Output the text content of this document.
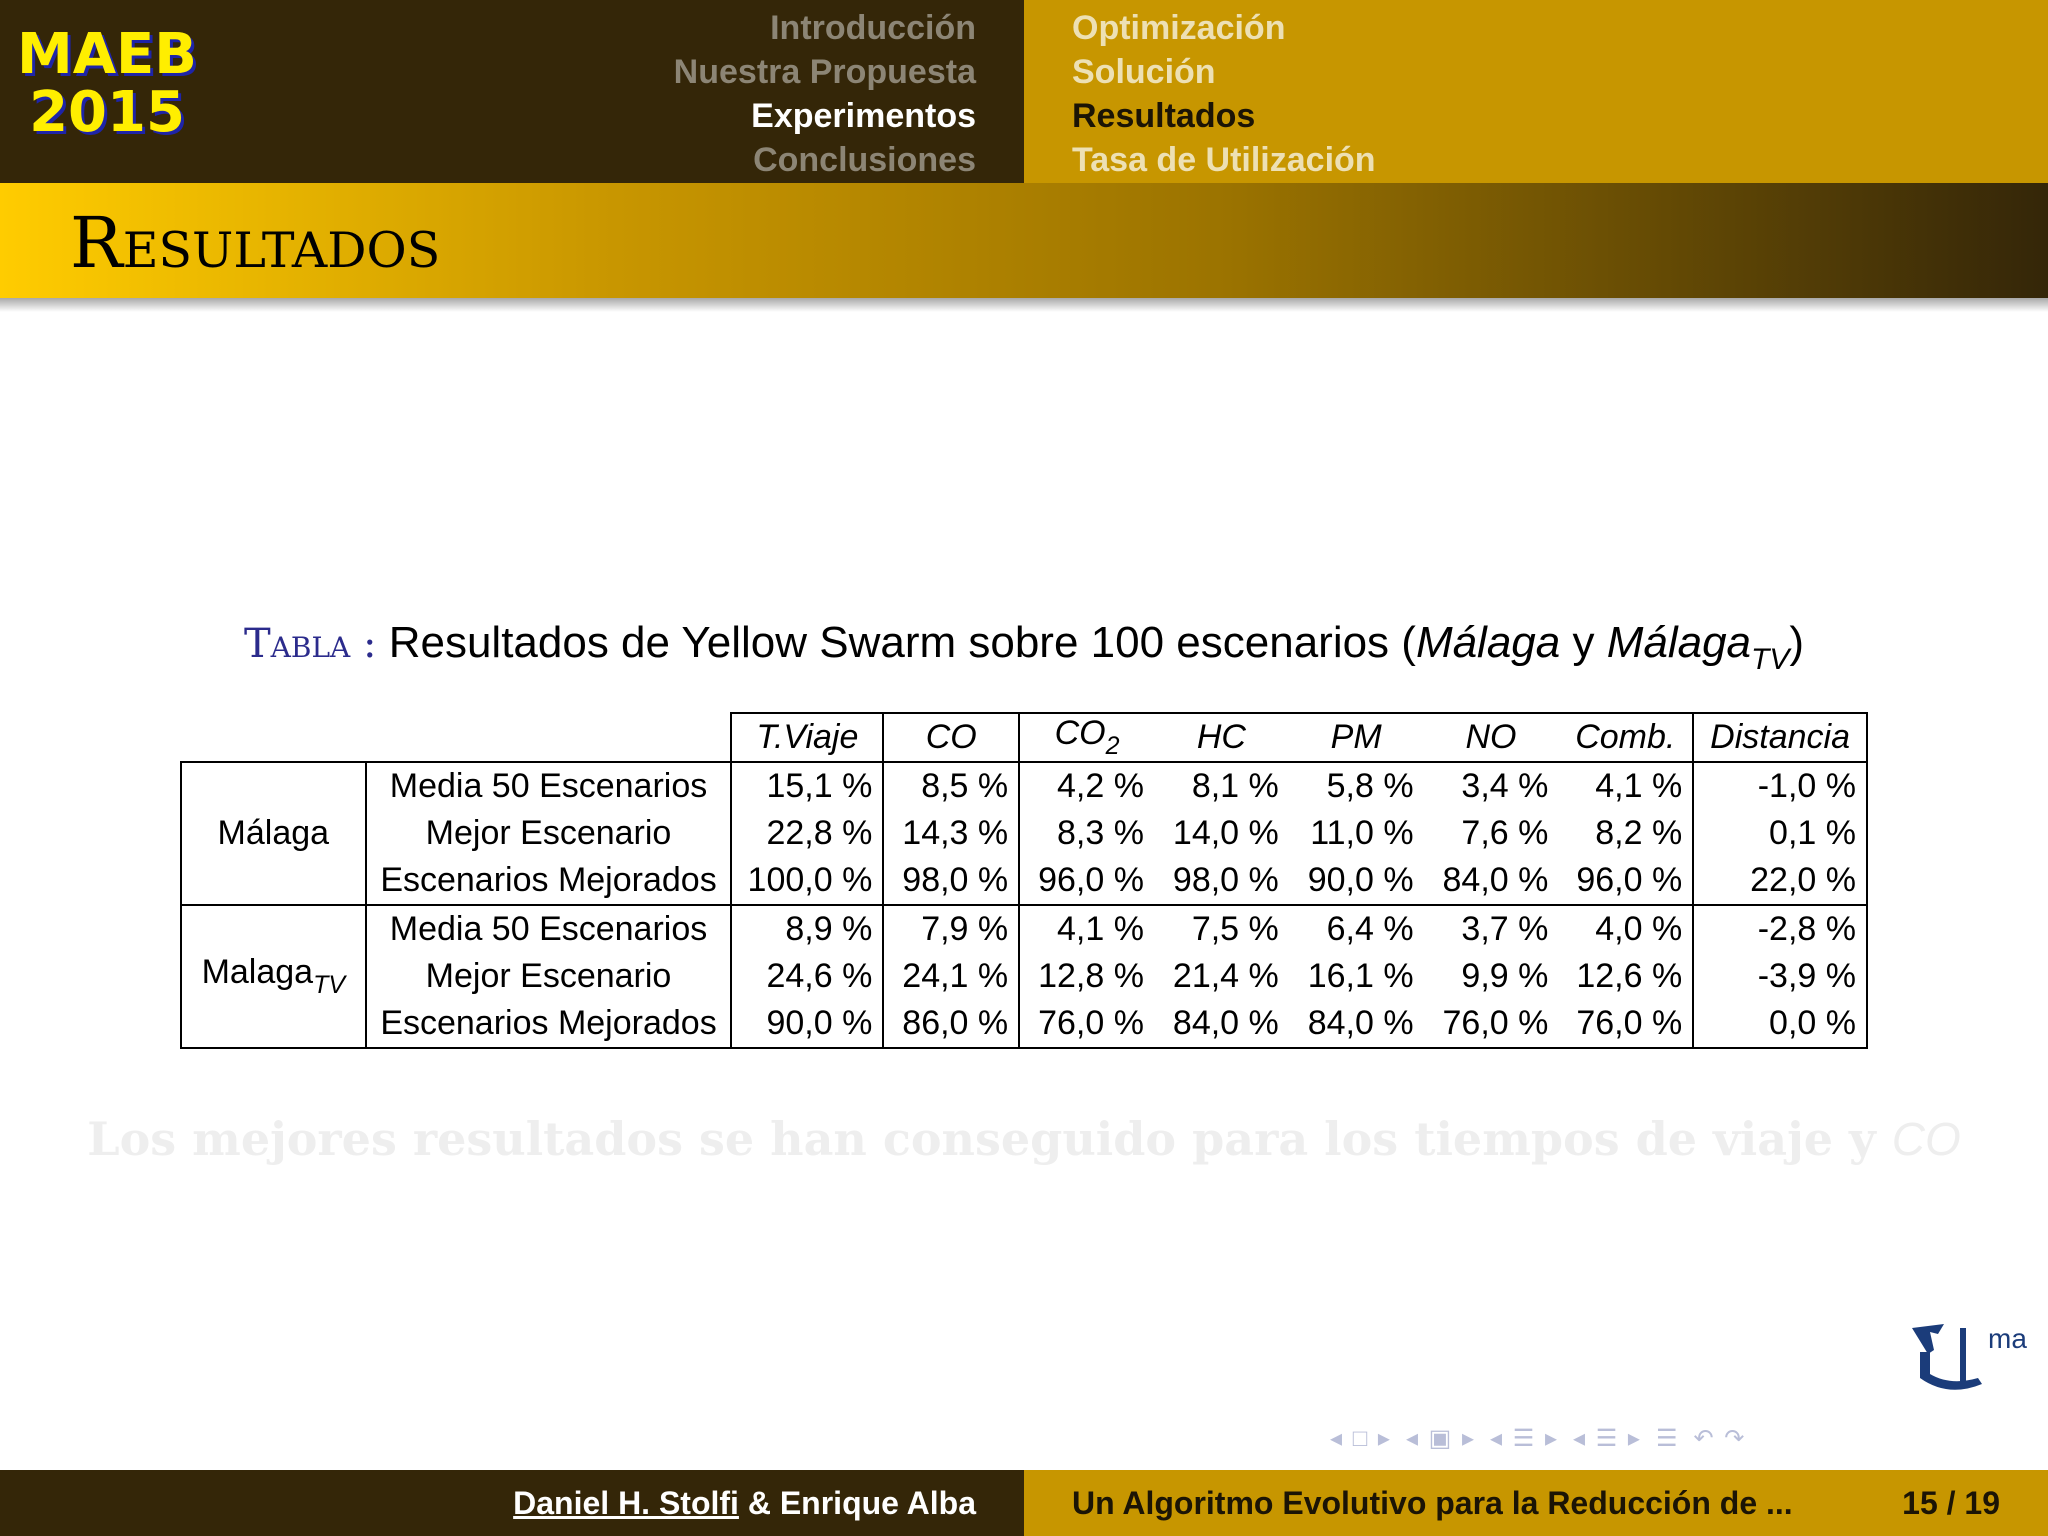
MAEB
2015
Introducción
Nuestra Propuesta
Experimentos
Conclusiones
Optimización
Solución
Resultados
Tasa de Utilización
Resultados
Tabla : Resultados de Yellow Swarm sobre 100 escenarios (Málaga y Málaga$_{TV}$)
		T.Viaje	CO	$CO_2$	HC	PM	NO	Comb.	Distancia
Málaga	Media 50 Escenarios	15,1 %	8,5 %	4,2 %	8,1 %	5,8 %	3,4 %	4,1 %	-1,0 %
	Mejor Escenario	22,8 %	14,3 %	8,3 %	14,0 %	11,0 %	7,6 %	8,2 %	0,1 %
	Escenarios Mejorados	100,0 %	98,0 %	96,0 %	98,0 %	90,0 %	84,0 %	96,0 %	22,0 %
Malaga$_{TV}$	Media 50 Escenarios	8,9 %	7,9 %	4,1 %	7,5 %	6,4 %	3,7 %	4,0 %	-2,8 %
	Mejor Escenario	24,6 %	24,1 %	12,8 %	21,4 %	16,1 %	9,9 %	12,6 %	-3,9 %
	Escenarios Mejorados	90,0 %	86,0 %	76,0 %	84,0 %	84,0 %	76,0 %	76,0 %	0,0 %
Los mejores resultados se han conseguido para los tiempos de viaje y CO
ma
◂ □ ▸ ◂ ▣ ▸ ◂ ☰ ▸ ◂ ☰ ▸ ☰ ↶ ↷
Daniel H. Stolfi & Enrique Alba	Un Algoritmo Evolutivo para la Reducción de ...	15 / 19
